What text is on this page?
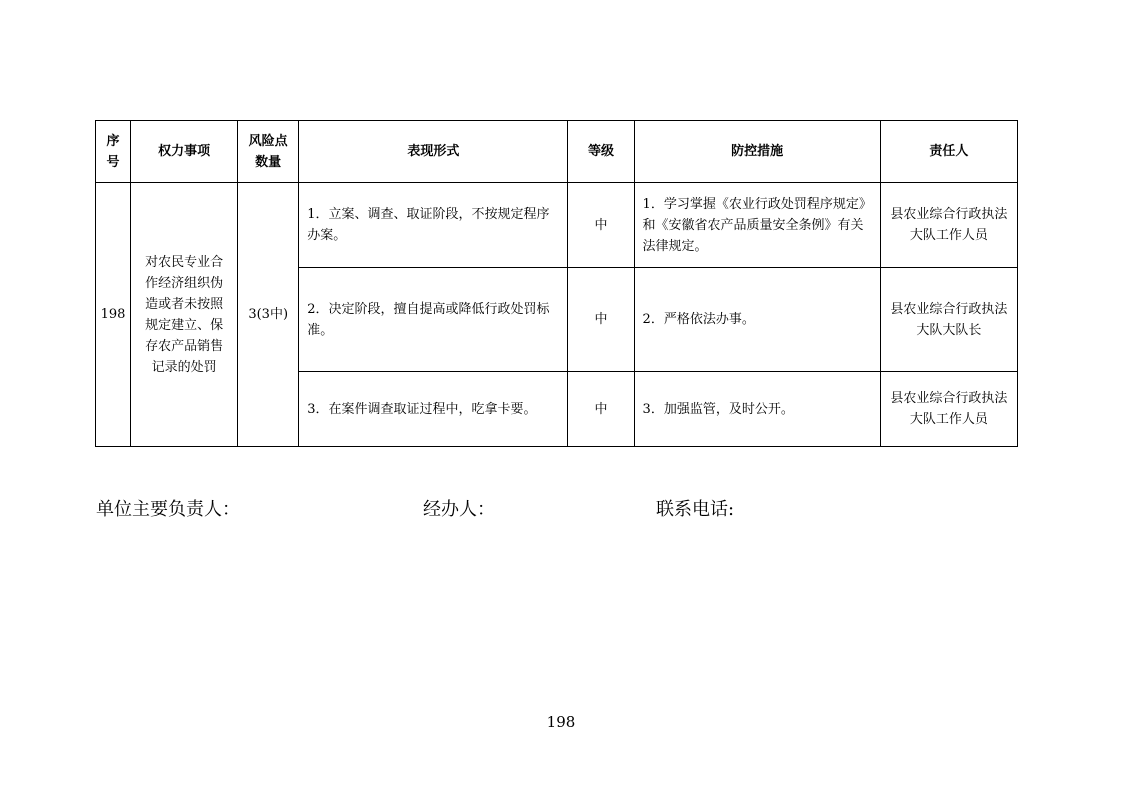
序号	权力事项	风险点数量	表现形式	等级	防控措施	责任人
198	对农民专业合作经济组织伪造或者未按照规定建立、保存农产品销售记录的处罚	3(3中)	1．立案、调查、取证阶段，不按规定程序办案。	中	1．学习掌握《农业行政处罚程序规定》和《安徽省农产品质量安全条例》有关法律规定。	县农业综合行政执法大队工作人员
			2．决定阶段，擅自提高或降低行政处罚标准。	中	2．严格依法办事。	县农业综合行政执法大队大队长
			3．在案件调查取证过程中，吃拿卡要。	中	3．加强监管，及时公开。	县农业综合行政执法大队工作人员
单位主要负责人：	经办人：	联系电话:
198
